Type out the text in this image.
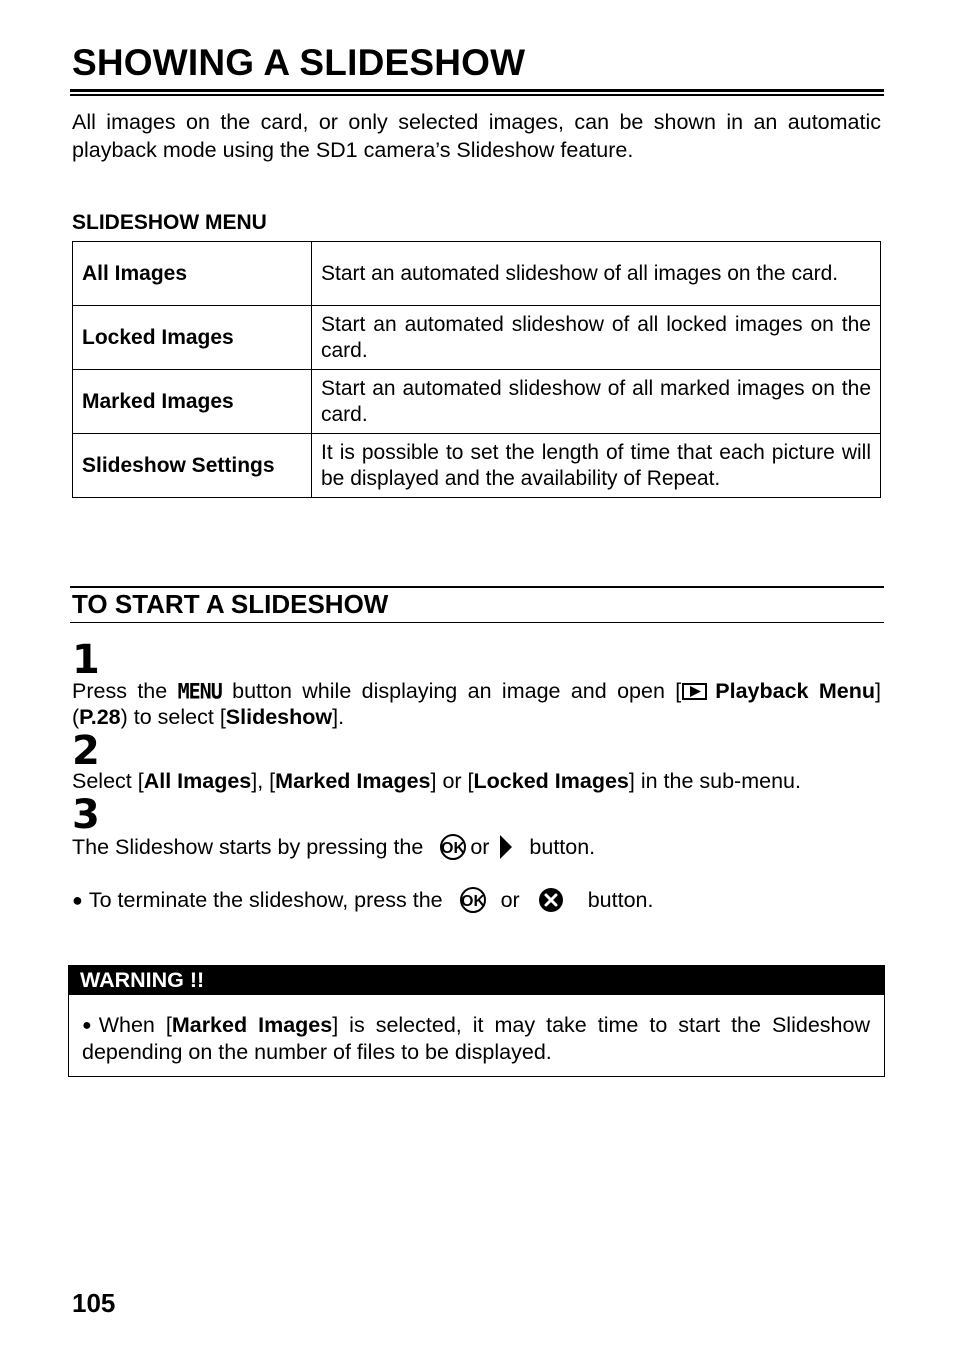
SHOWING A SLIDESHOW

All images on the card, or only selected images, can be shown in an automatic playback mode using the SD1 camera’s Slideshow feature.

SLIDESHOW MENU
All Images	Start an automated slideshow of all images on the card.
Locked Images	Start an automated slideshow of all locked images on the card.
Marked Images	Start an automated slideshow of all marked images on the card.
Slideshow Settings	It is possible to set the length of time that each picture will be displayed and the availability of Repeat.
TO START A SLIDESHOW
1

Press the MENU button while displaying an image and open [ Playback Menu] (P.28) to select [Slideshow].

2

Select [All Images], [Marked Images] or [Locked Images] in the sub-menu.

3

The Slideshow starts by pressing the OK or button.

● To terminate the slideshow, press the OK or	button.

WARNING !!

●When [Marked Images] is selected, it may take time to start the Slideshow depending on the number of files to be displayed.

105
